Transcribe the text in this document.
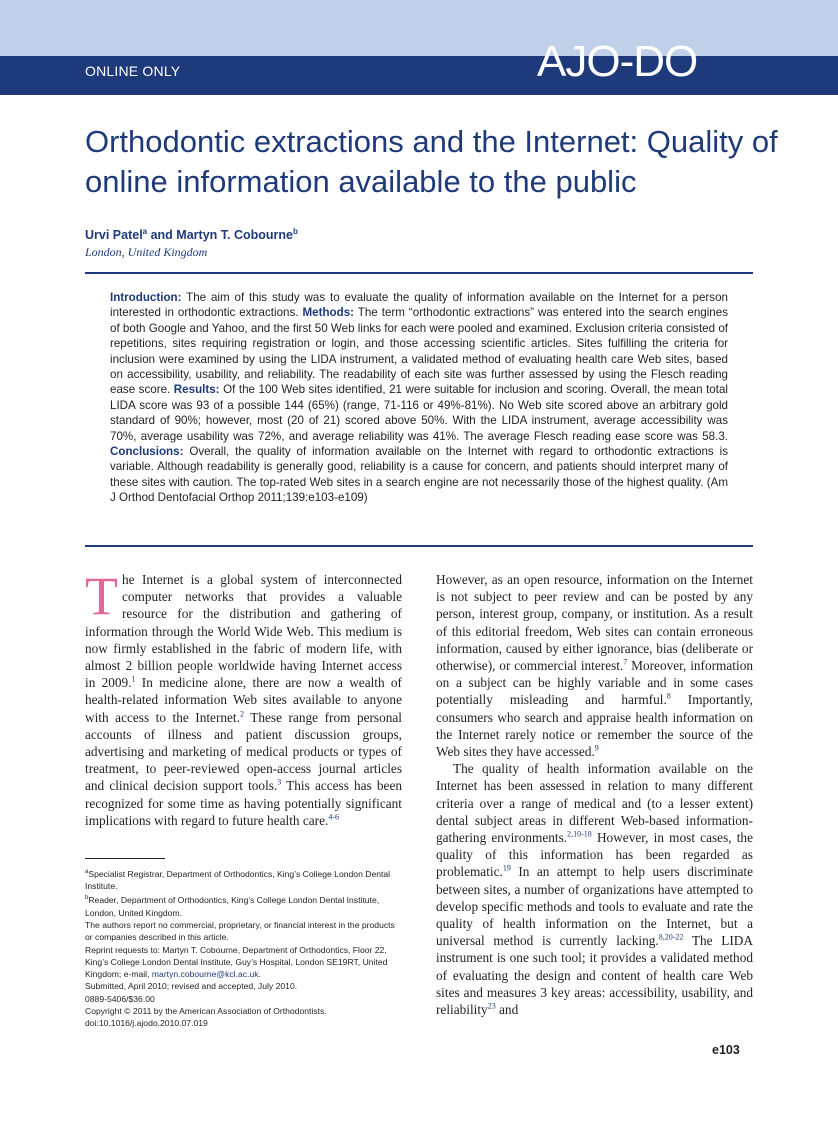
ONLINE ONLY	AJO-DO
Orthodontic extractions and the Internet: Quality of online information available to the public
Urvi Patel$^a$ and Martyn T. Cobourne$^b$
London, United Kingdom
Introduction: The aim of this study was to evaluate the quality of information available on the Internet for a person interested in orthodontic extractions. Methods: The term “orthodontic extractions” was entered into the search engines of both Google and Yahoo, and the first 50 Web links for each were pooled and examined. Exclusion criteria consisted of repetitions, sites requiring registration or login, and those accessing scientific articles. Sites fulfilling the criteria for inclusion were examined by using the LIDA instrument, a validated method of evaluating health care Web sites, based on accessibility, usability, and reliability. The readability of each site was further assessed by using the Flesch reading ease score. Results: Of the 100 Web sites identified, 21 were suitable for inclusion and scoring. Overall, the mean total LIDA score was 93 of a possible 144 (65%) (range, 71-116 or 49%-81%). No Web site scored above an arbitrary gold standard of 90%; however, most (20 of 21) scored above 50%. With the LIDA instrument, average accessibility was 70%, average usability was 72%, and average reliability was 41%. The average Flesch reading ease score was 58.3. Conclusions: Overall, the quality of information available on the Internet with regard to orthodontic extractions is variable. Although readability is generally good, reliability is a cause for concern, and patients should interpret many of these sites with caution. The top-rated Web sites in a search engine are not necessarily those of the highest quality. (Am J Orthod Dentofacial Orthop 2011;139:e103-e109)

The Internet is a global system of interconnected computer networks that provides a valuable resource for the distribution and gathering of information through the World Wide Web. This medium is now firmly established in the fabric of modern life, with almost 2 billion people worldwide having Internet access in 2009.$^1$ In medicine alone, there are now a wealth of health-related information Web sites available to anyone with access to the Internet.$^2$ These range from personal accounts of illness and patient discussion groups, advertising and marketing of medical products or types of treatment, to peer-reviewed open-access journal articles and clinical decision support tools.$^3$ This access has been recognized for some time as having potentially significant implications with regard to future health care.$^{4-6}$

$^a$Specialist Registrar, Department of Orthodontics, King’s College London Dental Institute.
$^b$Reader, Department of Orthodontics, King’s College London Dental Institute, London, United Kingdom.
The authors report no commercial, proprietary, or financial interest in the products or companies described in this article.
Reprint requests to: Martyn T. Cobourne, Department of Orthodontics, Floor 22, King’s College London Dental Institute, Guy’s Hospital, London SE19RT, United Kingdom; e-mail, martyn.cobourne@kcl.ac.uk.
Submitted, April 2010; revised and accepted, July 2010.
0889-5406/$36.00
Copyright © 2011 by the American Association of Orthodontists.
doi:10.1016/j.ajodo.2010.07.019

However, as an open resource, information on the Internet is not subject to peer review and can be posted by any person, interest group, company, or institution. As a result of this editorial freedom, Web sites can contain erroneous information, caused by either ignorance, bias (deliberate or otherwise), or commercial interest.$^7$ Moreover, information on a subject can be highly variable and in some cases potentially misleading and harmful.$^8$ Importantly, consumers who search and appraise health information on the Internet rarely notice or remember the source of the Web sites they have accessed.$^9$

The quality of health information available on the Internet has been assessed in relation to many different criteria over a range of medical and (to a lesser extent) dental subject areas in different Web-based information-gathering environments.$^{2,10-18}$ However, in most cases, the quality of this information has been regarded as problematic.$^{19}$ In an attempt to help users discriminate between sites, a number of organizations have attempted to develop specific methods and tools to evaluate and rate the quality of health information on the Internet, but a universal method is currently lacking.$^{8,20-22}$ The LIDA instrument is one such tool; it provides a validated method of evaluating the design and content of health care Web sites and measures 3 key areas: accessibility, usability, and reliability$^{23}$ and

e103
